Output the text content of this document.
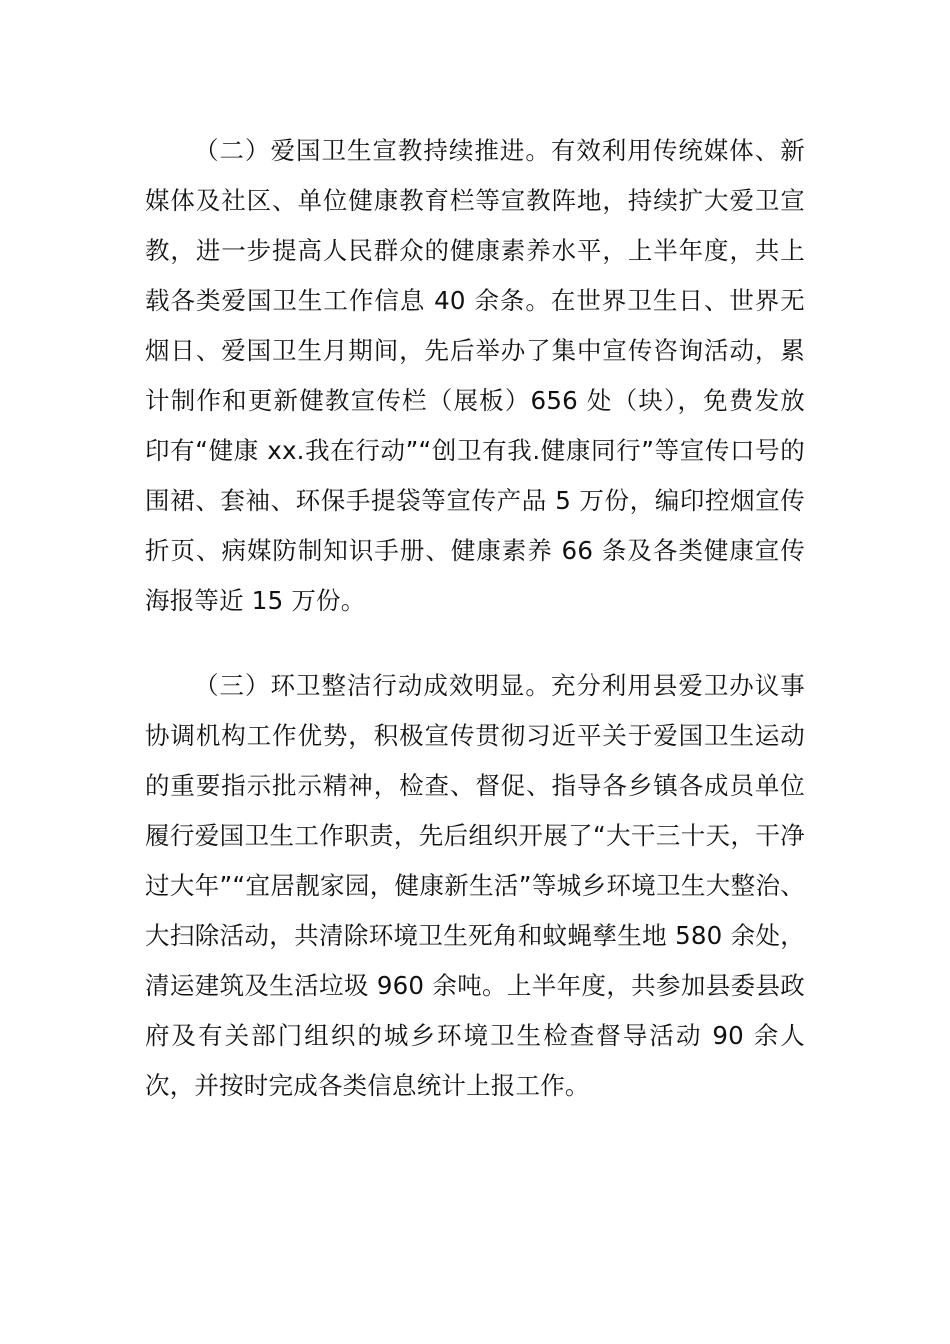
（二）爱国卫生宣教持续推进。有效利用传统媒体、新媒体及社区、单位健康教育栏等宣教阵地，持续扩大爱卫宣教，进一步提高人民群众的健康素养水平，上半年度，共上载各类爱国卫生工作信息 40 余条。在世界卫生日、世界无烟日、爱国卫生月期间，先后举办了集中宣传咨询活动，累计制作和更新健教宣传栏（展板）656 处（块），免费发放印有“健康 xx.我在行动”“创卫有我.健康同行”等宣传口号的围裙、套袖、环保手提袋等宣传产品 5 万份，编印控烟宣传折页、病媒防制知识手册、健康素养 66 条及各类健康宣传海报等近 15 万份。

（三）环卫整洁行动成效明显。充分利用县爱卫办议事协调机构工作优势，积极宣传贯彻习近平关于爱国卫生运动的重要指示批示精神，检查、督促、指导各乡镇各成员单位履行爱国卫生工作职责，先后组织开展了“大干三十天，干净过大年”“宜居靓家园，健康新生活”等城乡环境卫生大整治、大扫除活动，共清除环境卫生死角和蚊蝇孳生地 580 余处，清运建筑及生活垃圾 960 余吨。上半年度，共参加县委县政府及有关部门组织的城乡环境卫生检查督导活动 90 余人次，并按时完成各类信息统计上报工作。
